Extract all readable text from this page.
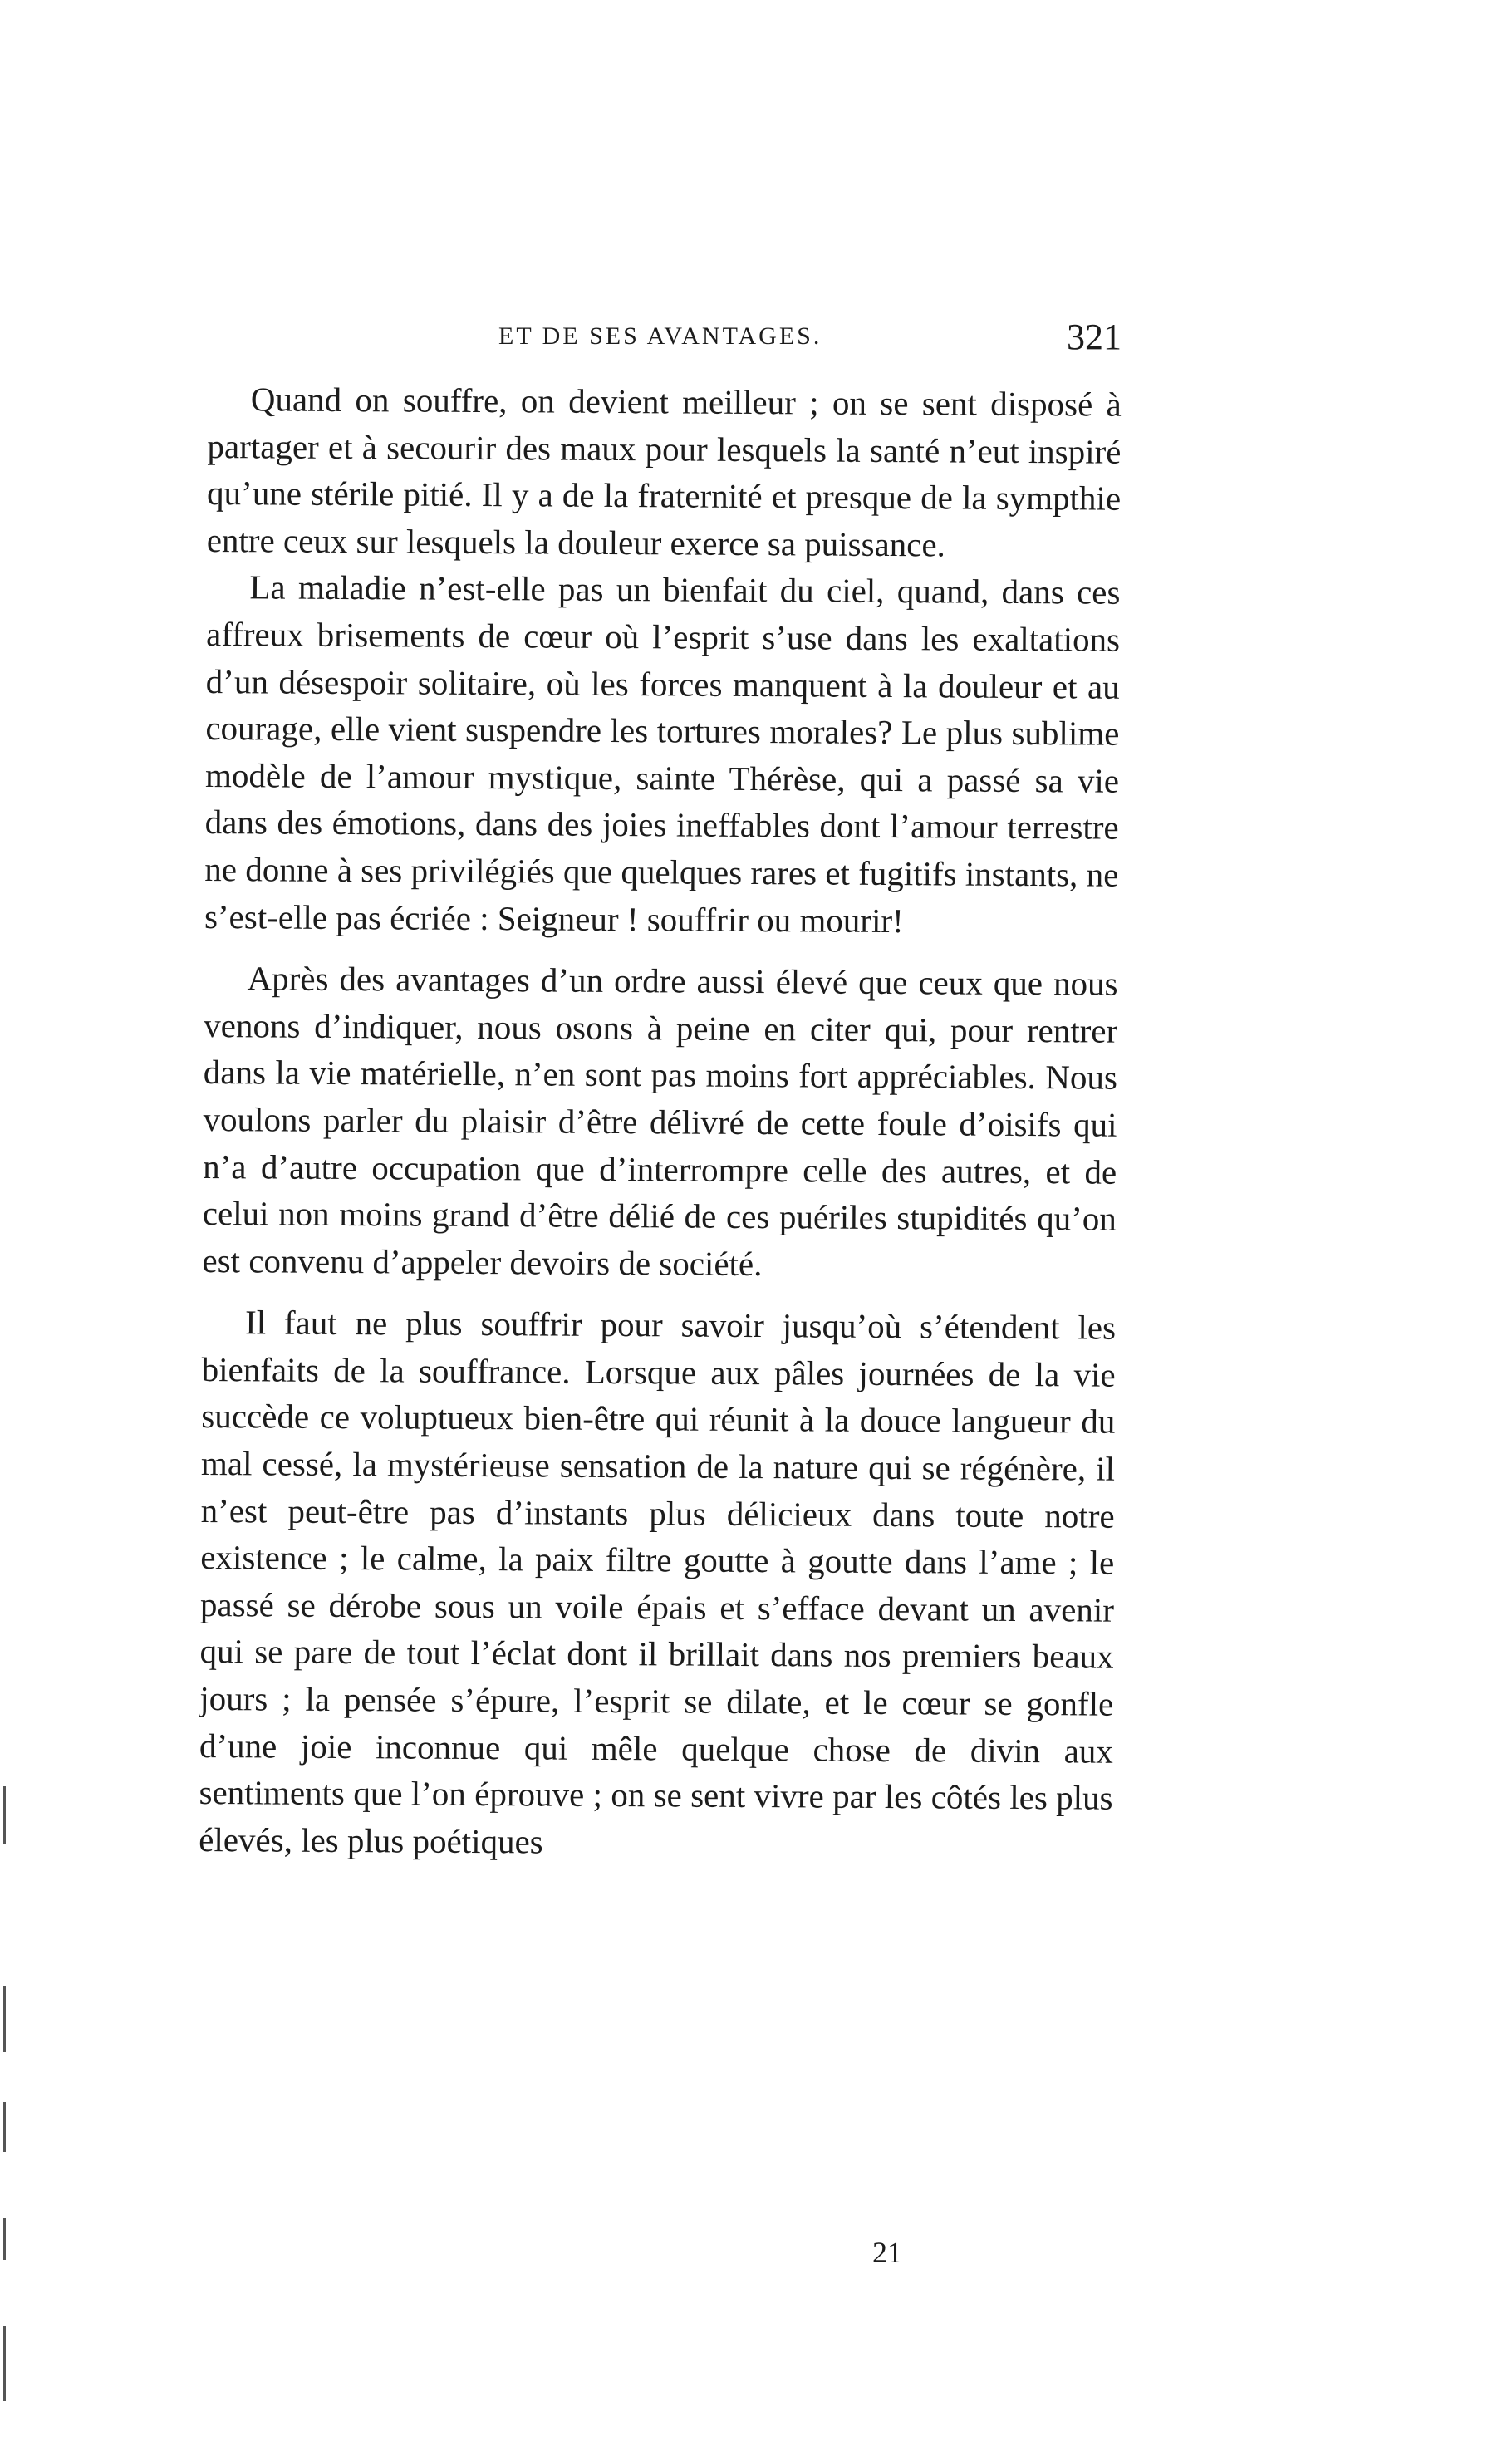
ET DE SES AVANTAGES.	321

Quand on souffre, on devient meilleur ; on se sent disposé à partager et à secourir des maux pour lesquels la santé n’eut inspiré qu’une stérile pitié. Il y a de la fraternité et presque de la sympthie entre ceux sur lesquels la douleur exerce sa puissance.

La maladie n’est-elle pas un bienfait du ciel, quand, dans ces affreux brisements de cœur où l’esprit s’use dans les exaltations d’un désespoir solitaire, où les forces manquent à la douleur et au courage, elle vient suspendre les tortures morales? Le plus sublime modèle de l’amour mystique, sainte Thérèse, qui a passé sa vie dans des émotions, dans des joies ineffables dont l’amour terrestre ne donne à ses privilégiés que quelques rares et fugitifs instants, ne s’est-elle pas écriée : Seigneur ! souffrir ou mourir!

Après des avantages d’un ordre aussi élevé que ceux que nous venons d’indiquer, nous osons à peine en citer qui, pour rentrer dans la vie matérielle, n’en sont pas moins fort appréciables. Nous voulons parler du plaisir d’être délivré de cette foule d’oisifs qui n’a d’autre occupation que d’interrompre celle des autres, et de celui non moins grand d’être délié de ces puériles stupidités qu’on est convenu d’appeler devoirs de société.

Il faut ne plus souffrir pour savoir jusqu’où s’étendent les bienfaits de la souffrance. Lorsque aux pâles journées de la vie succède ce voluptueux bien-être qui réunit à la douce langueur du mal cessé, la mystérieuse sensation de la nature qui se régénère, il n’est peut-être pas d’instants plus délicieux dans toute notre existence ; le calme, la paix filtre goutte à goutte dans l’ame ; le passé se dérobe sous un voile épais et s’efface devant un avenir qui se pare de tout l’éclat dont il brillait dans nos premiers beaux jours ; la pensée s’épure, l’esprit se dilate, et le cœur se gonfle d’une joie inconnue qui mêle quelque chose de divin aux sentiments que l’on éprouve ; on se sent vivre par les côtés les plus élevés, les plus poétiques

21
